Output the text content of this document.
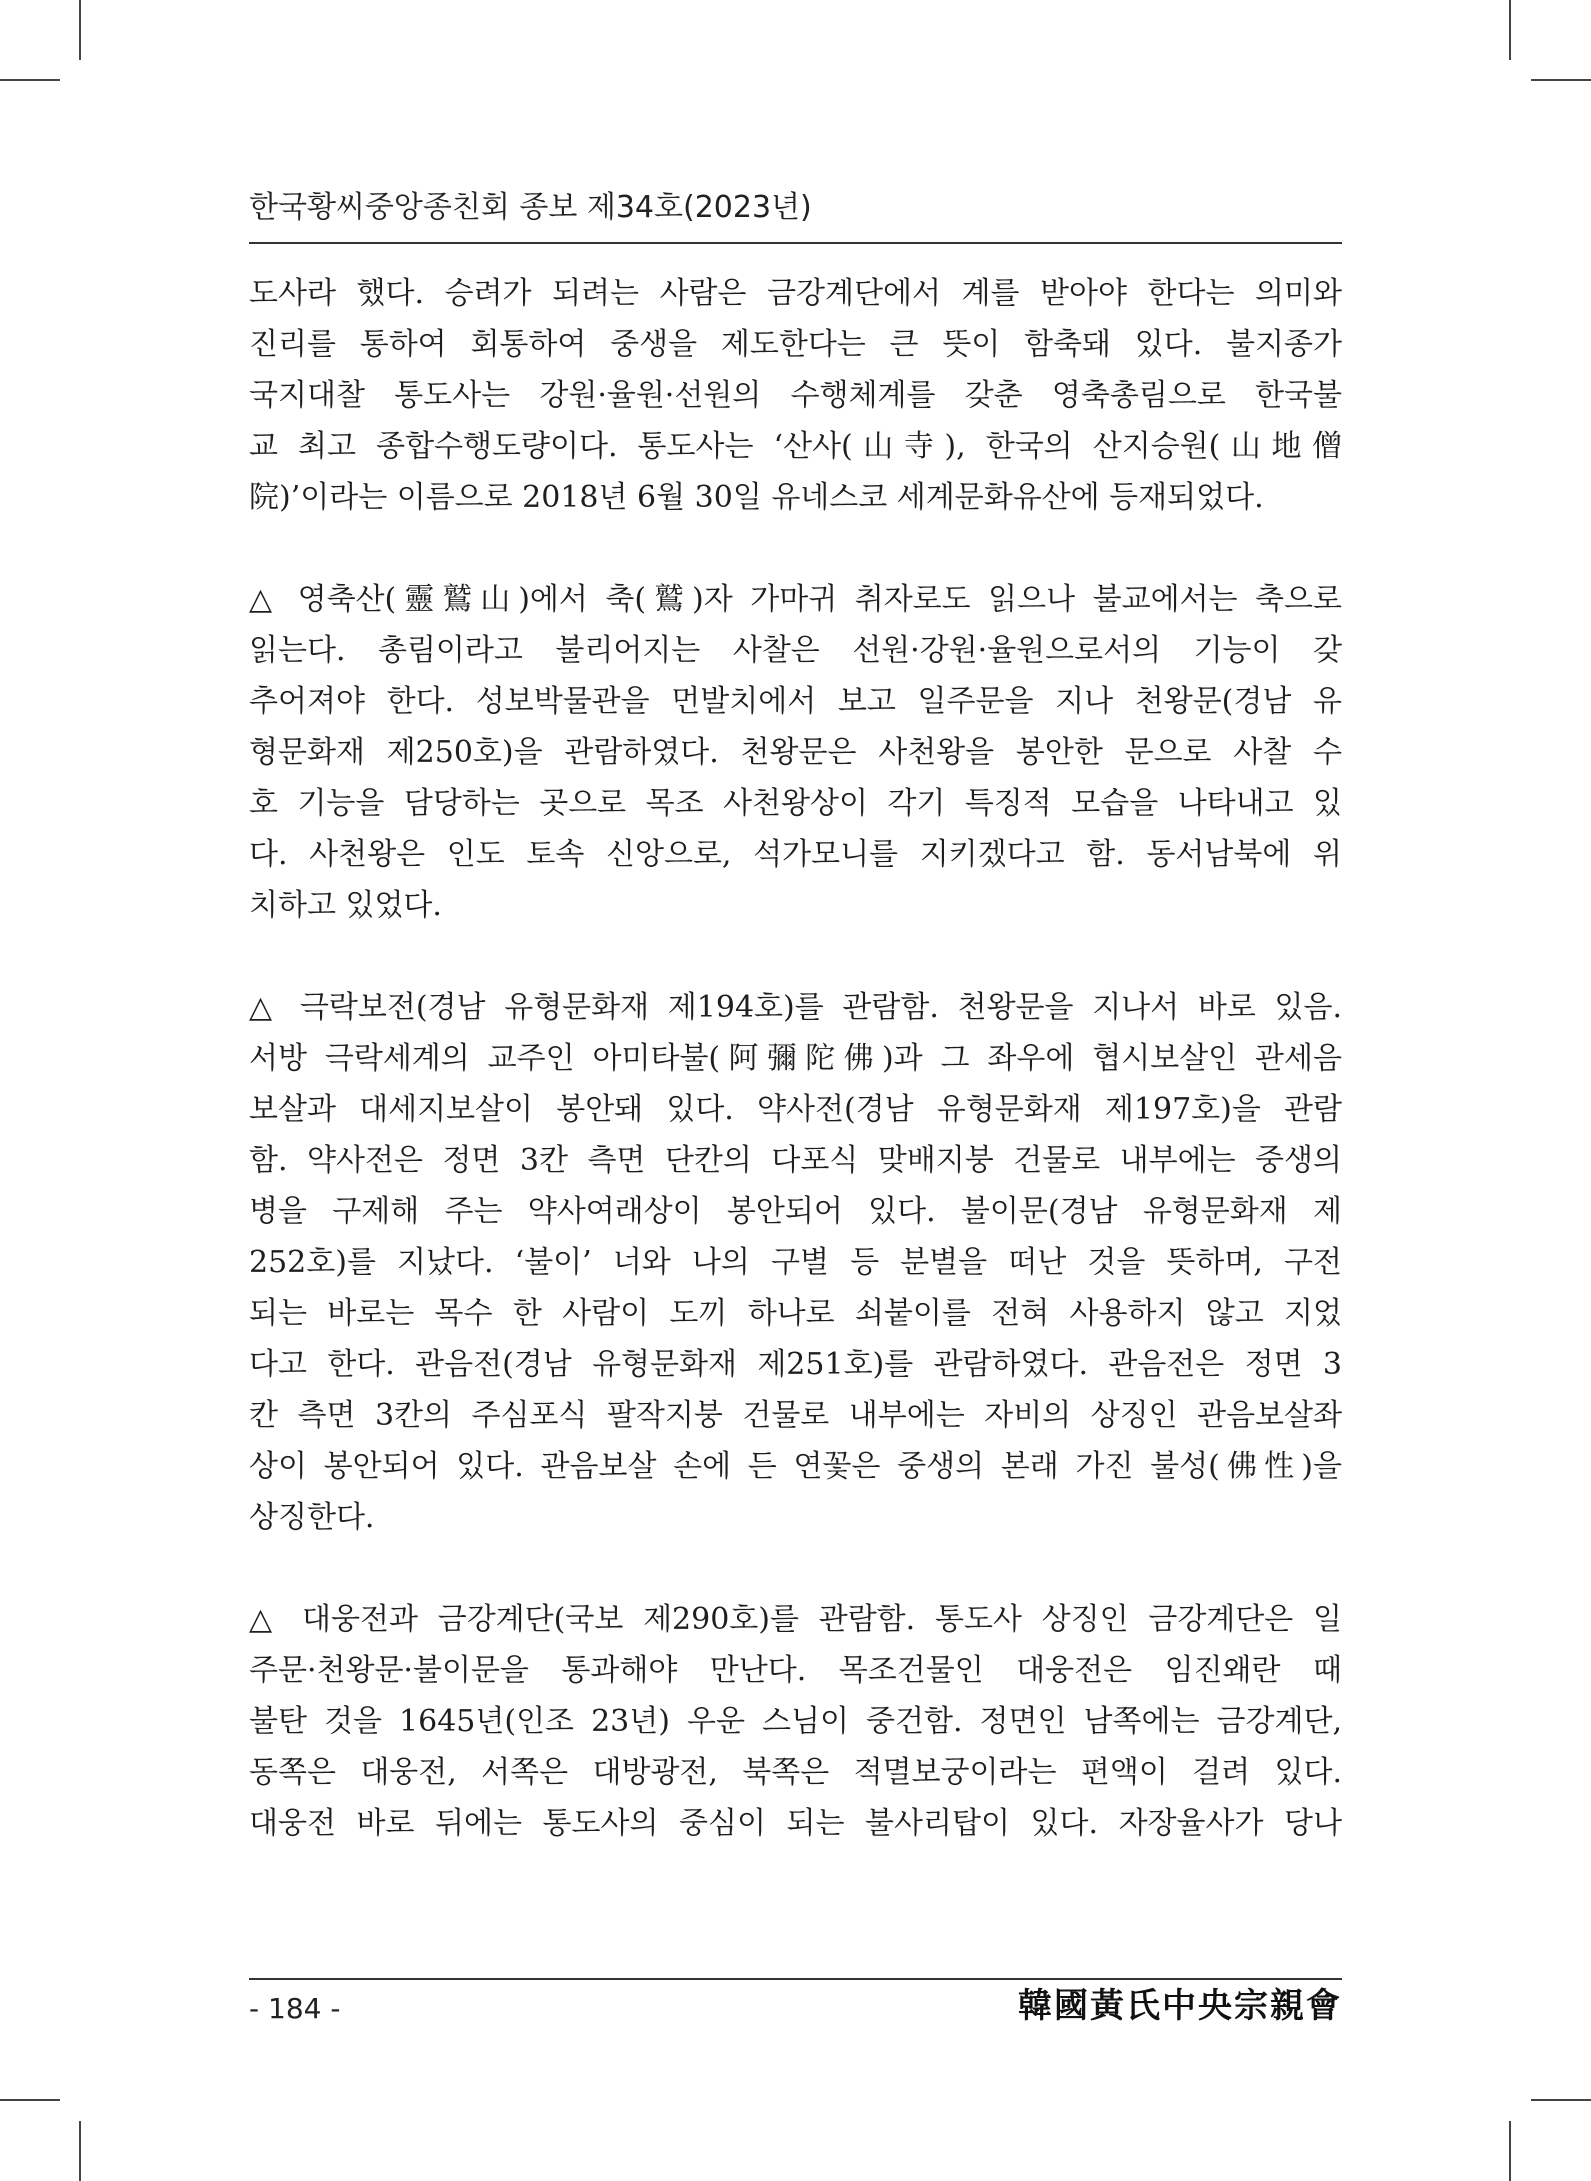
한국황씨중앙종친회 종보 제34호(2023년)
도사라 했다. 승려가 되려는 사람은 금강계단에서 계를 받아야 한다는 의미와
진리를 통하여 회통하여 중생을 제도한다는 큰 뜻이 함축돼 있다. 불지종가
국지대찰 통도사는 강원·율원·선원의 수행체계를 갖춘 영축총림으로 한국불
교 최고 종합수행도량이다. 통도사는 ‘산사(山寺), 한국의 산지승원(山地僧
院)’이라는 이름으로 2018년 6월 30일 유네스코 세계문화유산에 등재되었다.
△ 영축산(靈鷲山)에서 축(鷲)자 가마귀 취자로도 읽으나 불교에서는 축으로
읽는다. 총림이라고 불리어지는 사찰은 선원·강원·율원으로서의 기능이 갖
추어져야 한다. 성보박물관을 먼발치에서 보고 일주문을 지나 천왕문(경남 유
형문화재 제250호)을 관람하였다. 천왕문은 사천왕을 봉안한 문으로 사찰 수
호 기능을 담당하는 곳으로 목조 사천왕상이 각기 특징적 모습을 나타내고 있
다. 사천왕은 인도 토속 신앙으로, 석가모니를 지키겠다고 함. 동서남북에 위
치하고 있었다.
△ 극락보전(경남 유형문화재 제194호)를 관람함. 천왕문을 지나서 바로 있음.
서방 극락세계의 교주인 아미타불(阿彌陀佛)과 그 좌우에 협시보살인 관세음
보살과 대세지보살이 봉안돼 있다. 약사전(경남 유형문화재 제197호)을 관람
함. 약사전은 정면 3칸 측면 단칸의 다포식 맞배지붕 건물로 내부에는 중생의
병을 구제해 주는 약사여래상이 봉안되어 있다. 불이문(경남 유형문화재 제
252호)를 지났다. ‘불이’ 너와 나의 구별 등 분별을 떠난 것을 뜻하며, 구전
되는 바로는 목수 한 사람이 도끼 하나로 쇠붙이를 전혀 사용하지 않고 지었
다고 한다. 관음전(경남 유형문화재 제251호)를 관람하였다. 관음전은 정면 3
칸 측면 3칸의 주심포식 팔작지붕 건물로 내부에는 자비의 상징인 관음보살좌
상이 봉안되어 있다. 관음보살 손에 든 연꽃은 중생의 본래 가진 불성(佛性)을
상징한다.
△ 대웅전과 금강계단(국보 제290호)를 관람함. 통도사 상징인 금강계단은 일
주문·천왕문·불이문을 통과해야 만난다. 목조건물인 대웅전은 임진왜란 때
불탄 것을 1645년(인조 23년) 우운 스님이 중건함. 정면인 남쪽에는 금강계단,
동쪽은 대웅전, 서쪽은 대방광전, 북쪽은 적멸보궁이라는 편액이 걸려 있다.
대웅전 바로 뒤에는 통도사의 중심이 되는 불사리탑이 있다. 자장율사가 당나
- 184 -	韓國黃氏中央宗親會
